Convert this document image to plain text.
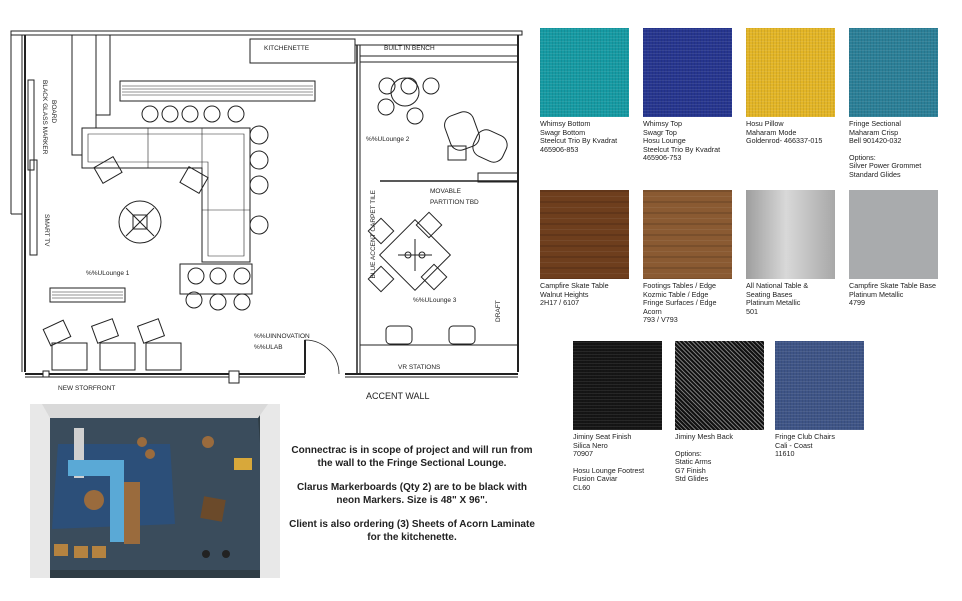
KITCHENETTE	BUILT IN BENCH
BLACK GLASS MARKER BOARD
SMART TV
%%ULounge 1
%%ULounge 2
%%ULounge 3
MOVABLE
PARTITION TBD
BLUE ACCENT CARPET TILE
%%UINNOVATION
%%ULAB
DRAFT
VR STATIONS
NEW STORFRONT
ACCENT WALL

Connectrac is in scope of project and will run from the wall to the Fringe Sectional Lounge.

Clarus Markerboards (Qty 2) are to be black with neon Markers. Size is 48" X 96".

Client is also ordering (3) Sheets of Acorn Laminate for the kitchenette.

Whimsy Bottom
Swagr Bottom
Steelcut Trio By Kvadrat
465906-853
Whimsy Top
Swagr Top
Hosu Lounge
Steelcut Trio By Kvadrat
465906-753
Hosu Pillow
Maharam Mode
Goldenrod- 466337-015
Fringe Sectional
Maharam Crisp
Bell 901420-032
Options:
Silver Power Grommet
Standard Glides
Campfire Skate Table
Walnut Heights
2H17 / 6107
Footings Tables / Edge
Kozmic Table / Edge
Fringe Surfaces / Edge
Acorn
793 / V793
All National Table &
Seating Bases
Platinum Metallic
501
Campfire Skate Table Base
Platinum Metallic
4799
Jiminy Seat Finish
Silica Nero
70907
Hosu Lounge Footrest
Fusion Caviar
CL60
Jiminy Mesh Back
Options:
Static Arms
G7 Finish
Std Glides
Fringe Club Chairs
Cali - Coast
11610
